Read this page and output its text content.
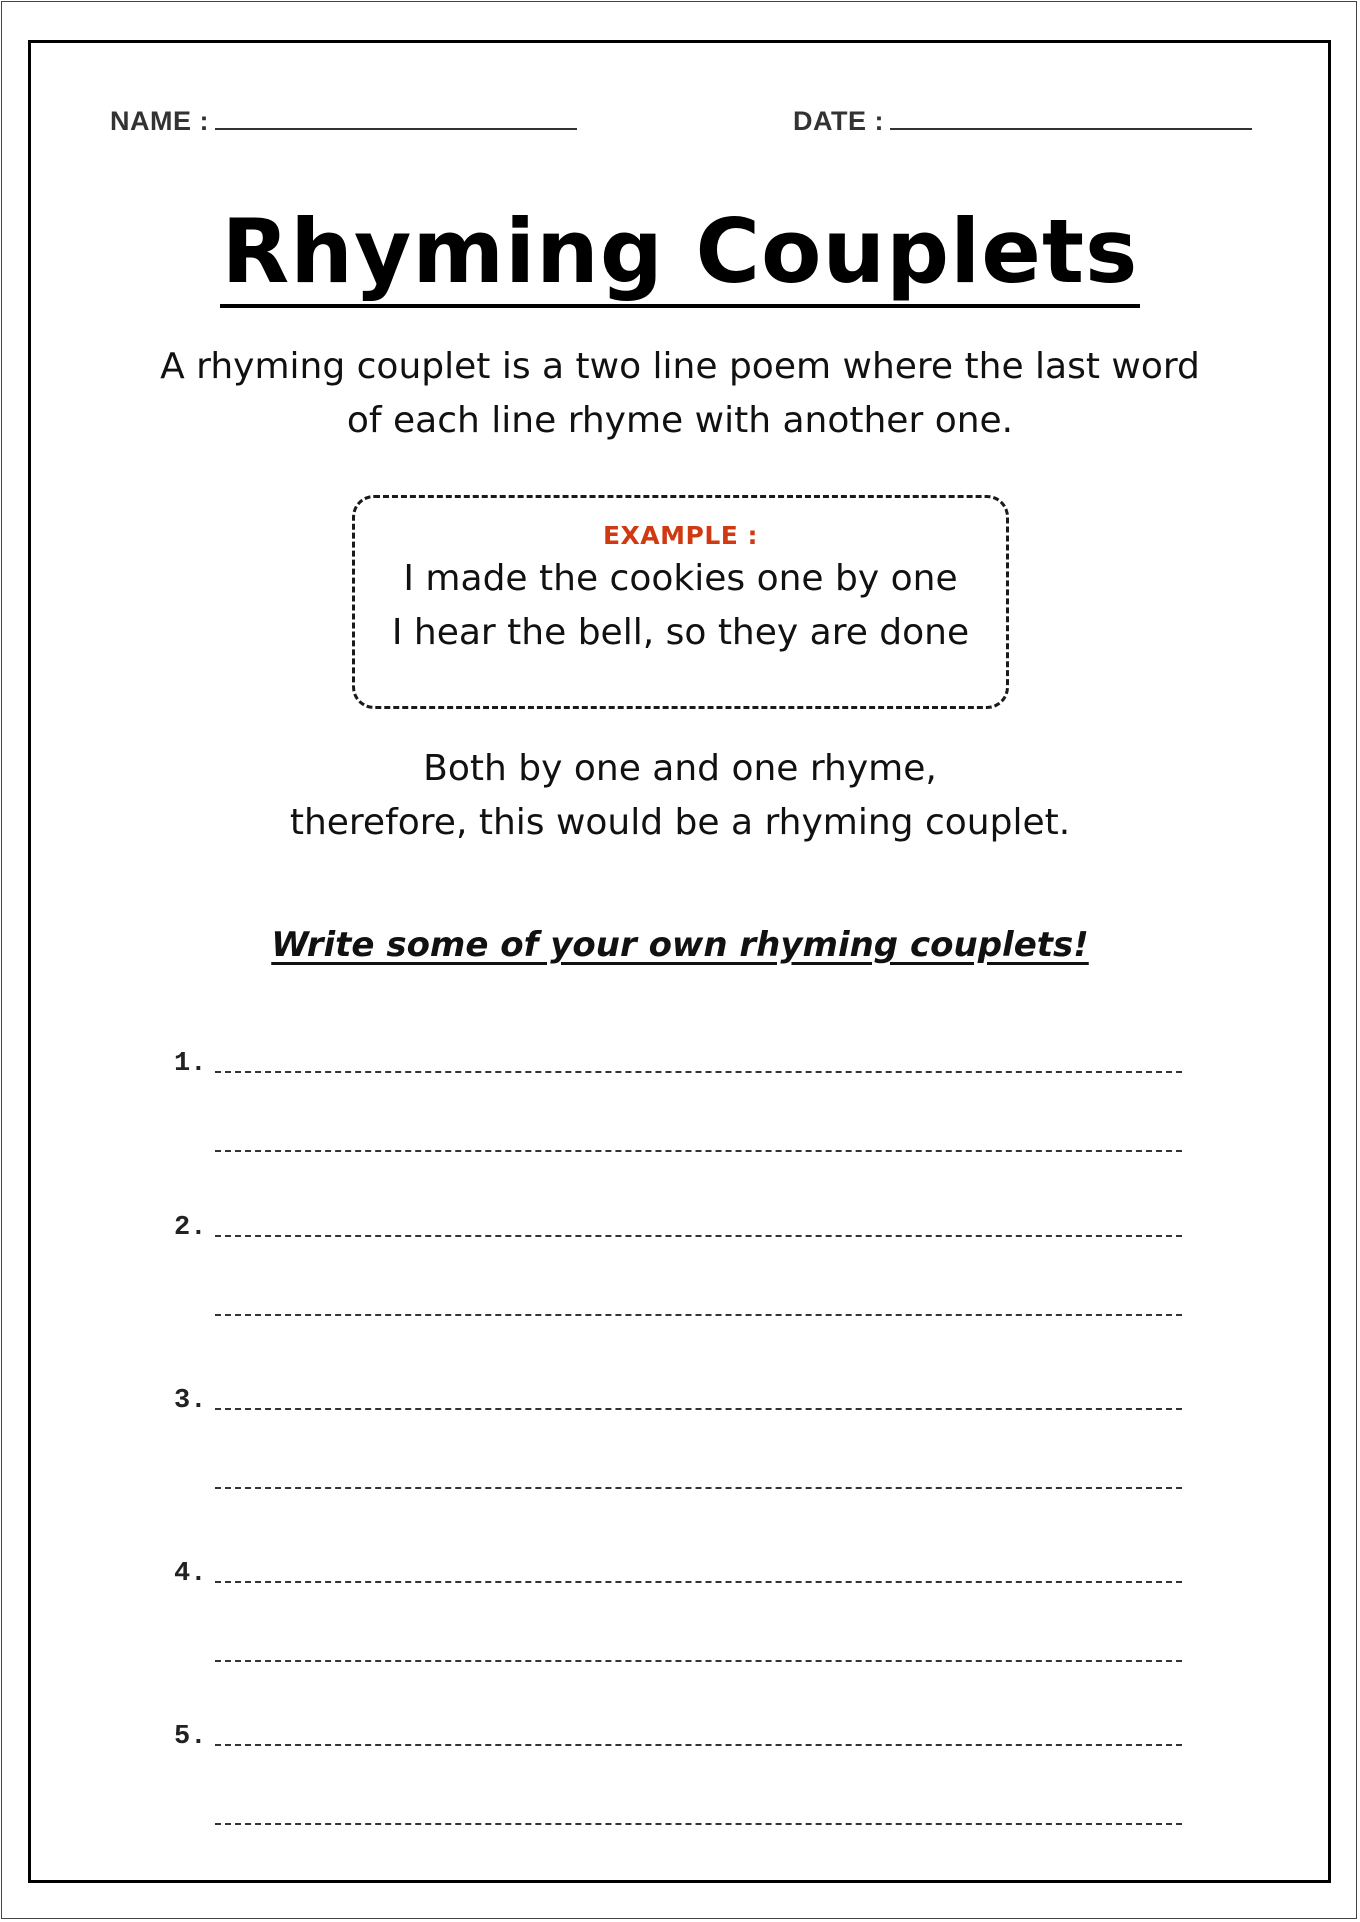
NAME :	DATE :
Rhyming Couplets
A rhyming couplet is a two line poem where the last word
of each line rhyme with another one.
EXAMPLE :
I made the cookies one by one
I hear the bell, so they are done
Both by one and one rhyme,
therefore, this would be a rhyming couplet.
Write some of your own rhyming couplets!
1.
2.
3.
4.
5.
